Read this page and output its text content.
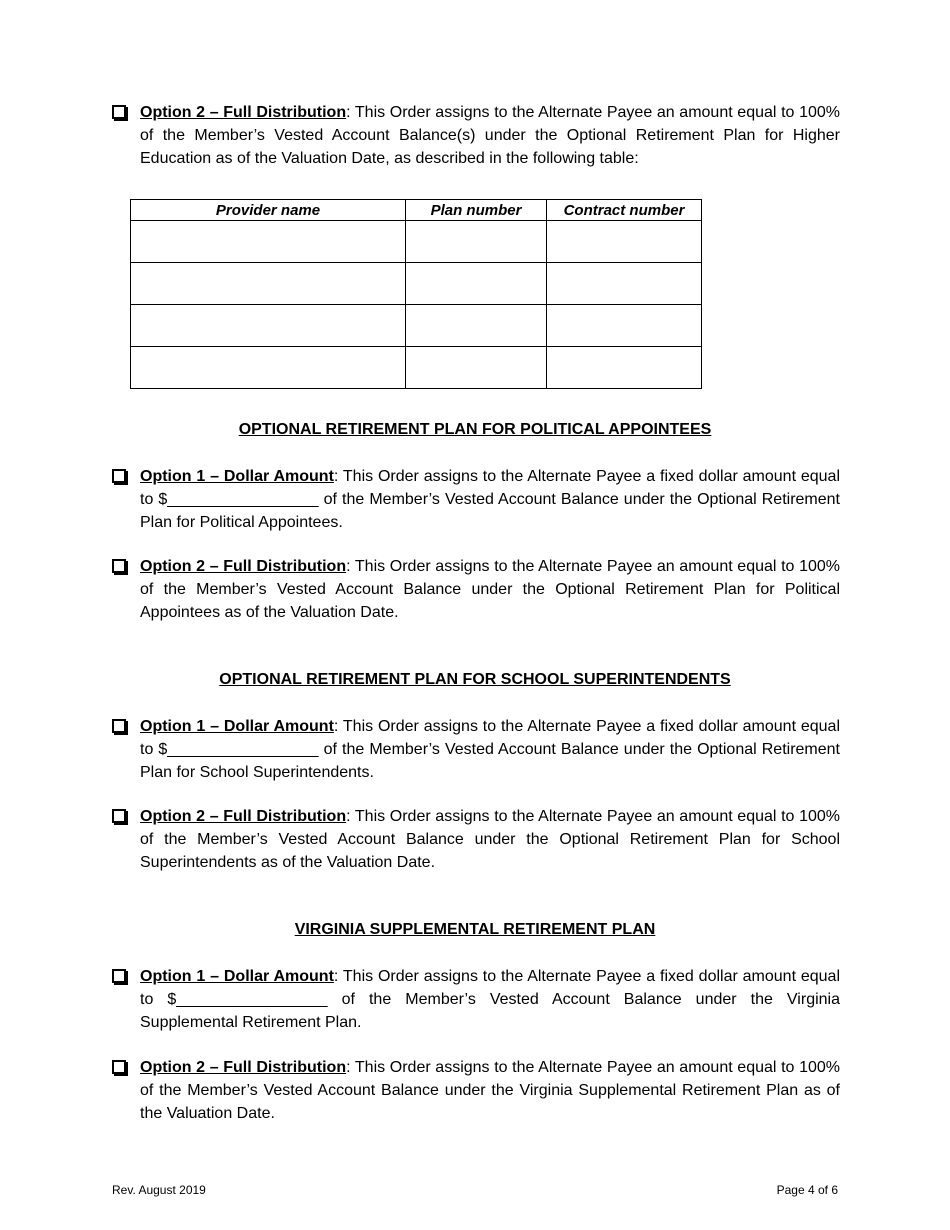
Option 2 – Full Distribution: This Order assigns to the Alternate Payee an amount equal to 100% of the Member’s Vested Account Balance(s) under the Optional Retirement Plan for Higher Education as of the Valuation Date, as described in the following table:
Provider name	Plan number	Contract number

OPTIONAL RETIREMENT PLAN FOR POLITICAL APPOINTEES
Option 1 – Dollar Amount: This Order assigns to the Alternate Payee a fixed dollar amount equal to $_________________ of the Member’s Vested Account Balance under the Optional Retirement Plan for Political Appointees.
Option 2 – Full Distribution: This Order assigns to the Alternate Payee an amount equal to 100% of the Member’s Vested Account Balance under the Optional Retirement Plan for Political Appointees as of the Valuation Date.
OPTIONAL RETIREMENT PLAN FOR SCHOOL SUPERINTENDENTS
Option 1 – Dollar Amount: This Order assigns to the Alternate Payee a fixed dollar amount equal to $_________________ of the Member’s Vested Account Balance under the Optional Retirement Plan for School Superintendents.
Option 2 – Full Distribution: This Order assigns to the Alternate Payee an amount equal to 100% of the Member’s Vested Account Balance under the Optional Retirement Plan for School Superintendents as of the Valuation Date.
VIRGINIA SUPPLEMENTAL RETIREMENT PLAN
Option 1 – Dollar Amount: This Order assigns to the Alternate Payee a fixed dollar amount equal to $_________________ of the Member’s Vested Account Balance under the Virginia Supplemental Retirement Plan.
Option 2 – Full Distribution: This Order assigns to the Alternate Payee an amount equal to 100% of the Member’s Vested Account Balance under the Virginia Supplemental Retirement Plan as of the Valuation Date.
Rev. August 2019	Page 4 of 6
